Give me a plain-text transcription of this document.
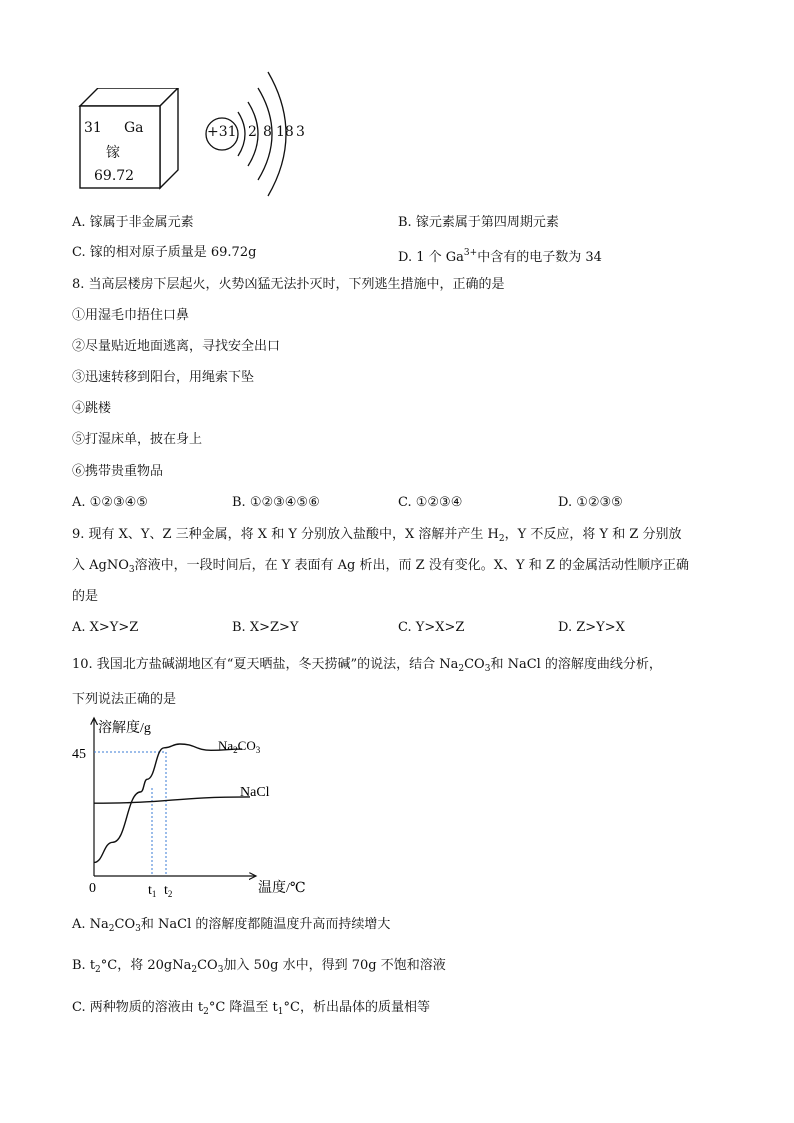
31 Ga
镓
69.72
+31 2 8 18 3
A. 镓属于非金属元素	B. 镓元素属于第四周期元素
C. 镓的相对原子质量是 69.72g	D. 1 个 $Ga^{3+}$中含有的电子数为 34
8. 当高层楼房下层起火，火势凶猛无法扑灭时，下列逃生措施中，正确的是
①用湿毛巾捂住口鼻
②尽量贴近地面逃离，寻找安全出口
③迅速转移到阳台，用绳索下坠
④跳楼
⑤打湿床单，披在身上
⑥携带贵重物品
A. ①②③④⑤	B. ①②③④⑤⑥	C. ①②③④	D. ①②③⑤
9. 现有 X、Y、Z 三种金属，将 X 和 Y 分别放入盐酸中，X 溶解并产生 $H_2$，Y 不反应，将 Y 和 Z 分别放
入 AgNO$_3$溶液中，一段时间后，在 Y 表面有 Ag 析出，而 Z 没有变化。X、Y 和 Z 的金属活动性顺序正确
的是
A. X>Y>Z	B. X>Z>Y	C. Y>X>Z	D. Z>Y>X
10. 我国北方盐碱湖地区有“夏天晒盐，冬天捞碱”的说法，结合 $Na_2CO_3$和 NaCl 的溶解度曲线分析，
下列说法正确的是
溶解度/g
45
0	$t_1$ $t_2$	温度/℃
$Na_2CO_3$
NaCl
A. $Na_2CO_3$和 NaCl 的溶解度都随温度升高而持续增大
B. $t_2^\circ C$，将 $20gNa_2CO_3$加入 50g 水中，得到 70g 不饱和溶液
C. 两种物质的溶液由 $t_2^\circ C$ 降温至 $t_1^\circ C$，析出晶体的质量相等
